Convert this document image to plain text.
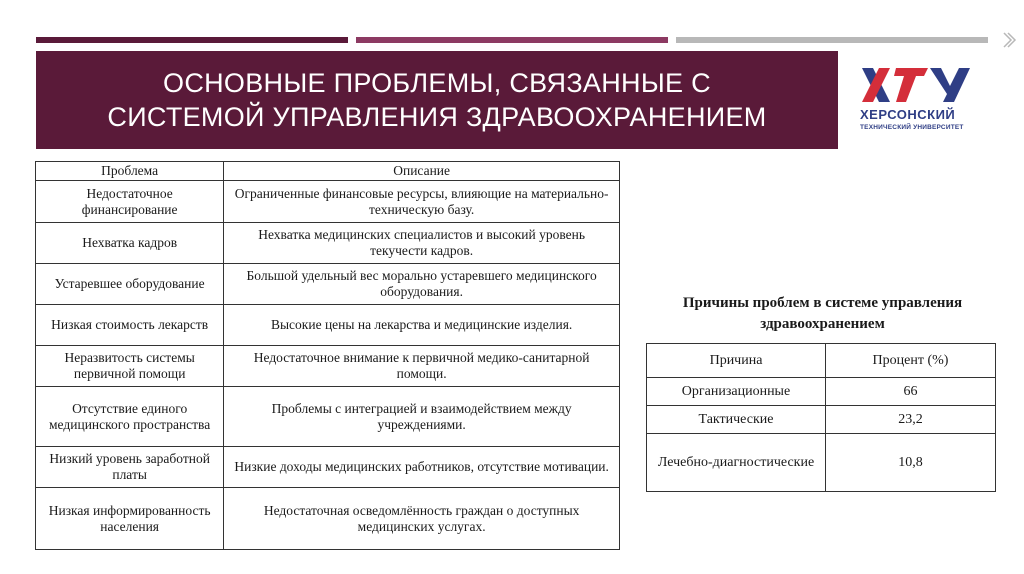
ОСНОВНЫЕ ПРОБЛЕМЫ, СВЯЗАННЫЕ С
СИСТЕМОЙ УПРАВЛЕНИЯ ЗДРАВООХРАНЕНИЕМ	ХЕРСОНСКИЙ
ТЕХНИЧЕСКИЙ УНИВЕРСИТЕТ
Проблема	Описание
Недостаточное финансирование	Ограниченные финансовые ресурсы, влияющие на материально-техническую базу.
Нехватка кадров	Нехватка медицинских специалистов и высокий уровень текучести кадров.
Устаревшее оборудование	Большой удельный вес морально устаревшего медицинского оборудования.
Низкая стоимость лекарств	Высокие цены на лекарства и медицинские изделия.
Неразвитость системы первичной помощи	Недостаточное внимание к первичной медико-санитарной помощи.
Отсутствие единого медицинского пространства	Проблемы с интеграцией и взаимодействием между учреждениями.
Низкий уровень заработной платы	Низкие доходы медицинских работников, отсутствие мотивации.
Низкая информированность населения	Недостаточная осведомлённость граждан о доступных медицинских услугах.
Причины проблем в системе управления здравоохранением
Причина	Процент (%)
Организационные	66
Тактические	23,2
Лечебно-диагностические	10,8
